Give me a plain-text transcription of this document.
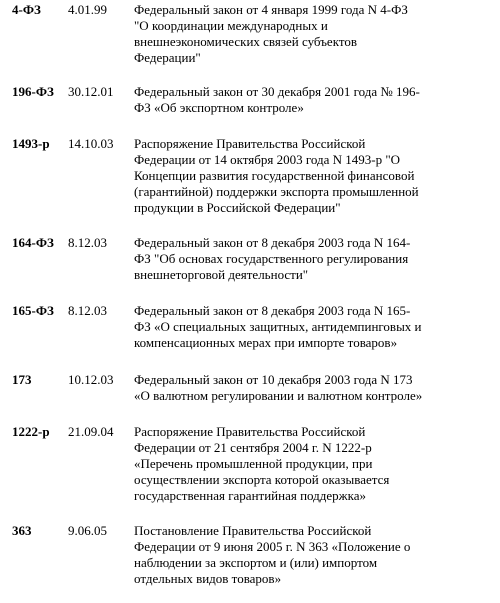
4-ФЗ 4.01.99 Федеральный закон от 4 января 1999 года N 4-ФЗ
"О координации международных и
внешнеэкономических связей субъектов
Федерации"
196-ФЗ 30.12.01 Федеральный закон от 30 декабря 2001 года № 196-
ФЗ «Об экспортном контроле»
1493-р 14.10.03 Распоряжение Правительства Российской
Федерации от 14 октября 2003 года N 1493-р "О
Концепции развития государственной финансовой
(гарантийной) поддержки экспорта промышленной
продукции в Российской Федерации"
164-ФЗ 8.12.03 Федеральный закон от 8 декабря 2003 года N 164-
ФЗ "Об основах государственного регулирования
внешнеторговой деятельности"
165-ФЗ 8.12.03 Федеральный закон от 8 декабря 2003 года N 165-
ФЗ «О специальных защитных, антидемпинговых и
компенсационных мерах при импорте товаров»
173	10.12.03 Федеральный закон от 10 декабря 2003 года N 173
«О валютном регулировании и валютном контроле»
1222-р 21.09.04 Распоряжение Правительства Российской
Федерации от 21 сентября 2004 г. N 1222-р
«Перечень промышленной продукции, при
осуществлении экспорта которой оказывается
государственная гарантийная поддержка»
363	9.06.05 Постановление Правительства Российской
Федерации от 9 июня 2005 г. N 363 «Положение о
наблюдении за экспортом и (или) импортом
отдельных видов товаров»
